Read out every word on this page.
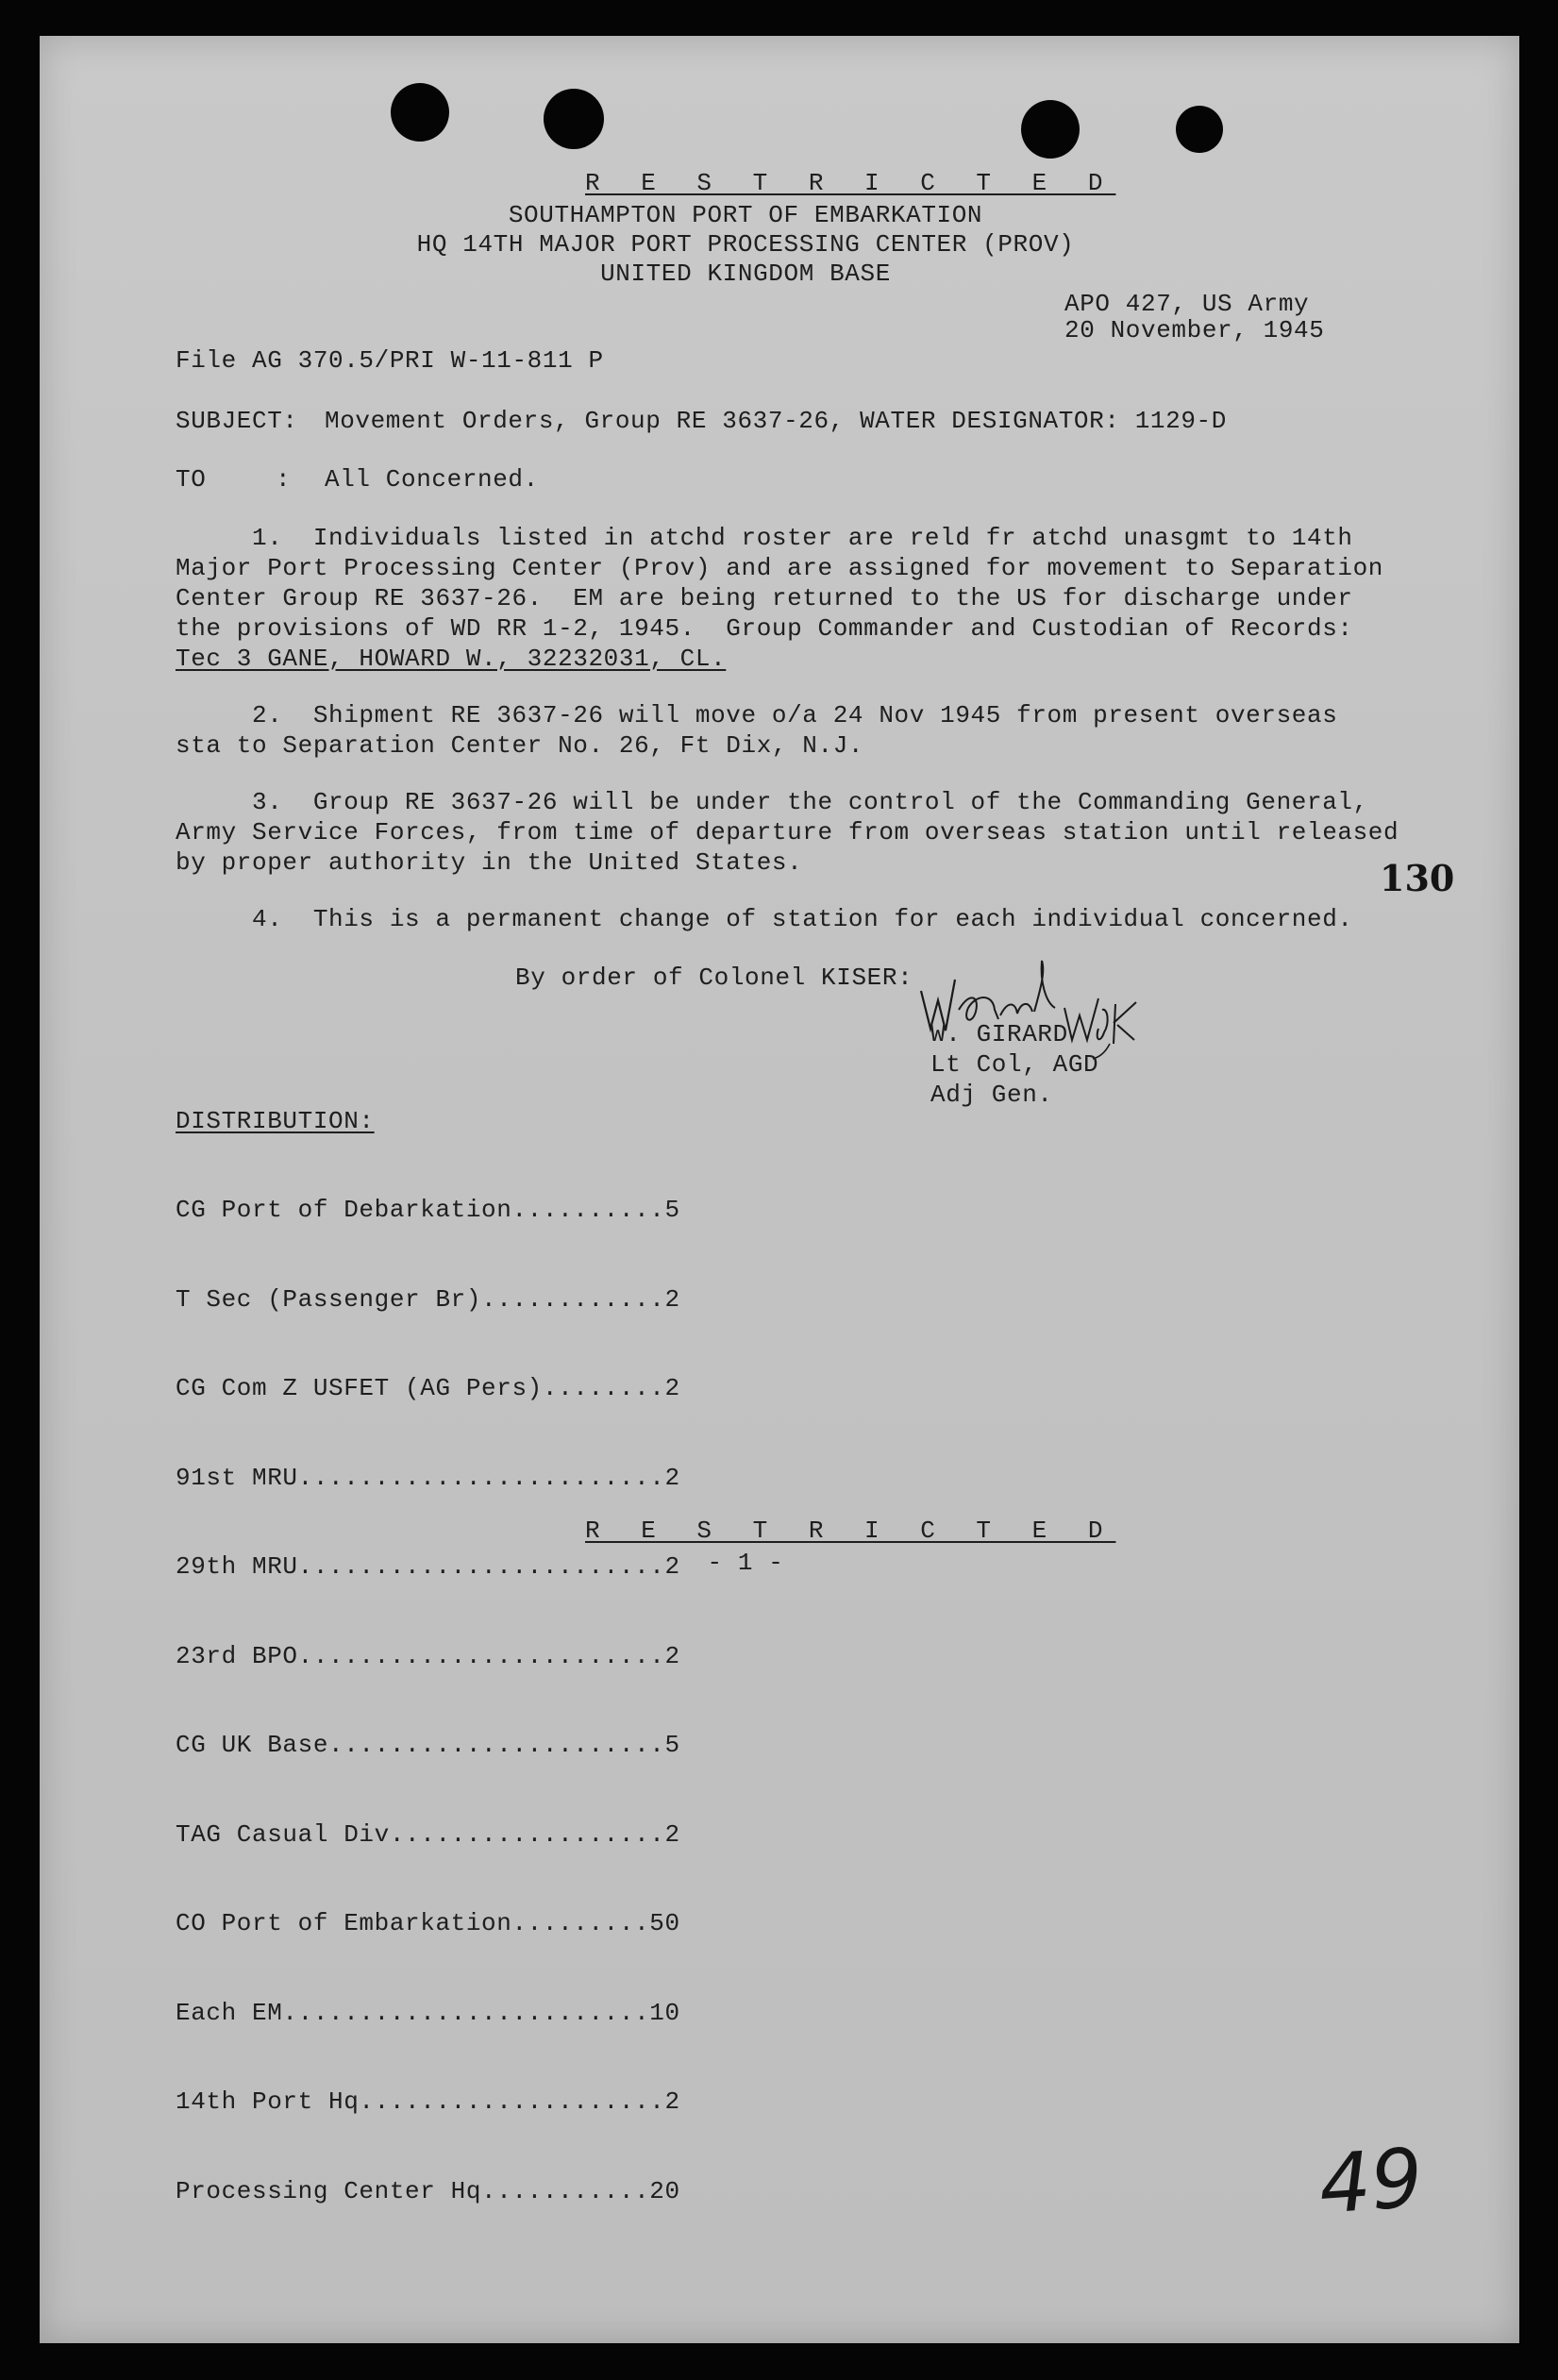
R E S T R I C T E D
SOUTHAMPTON PORT OF EMBARKATION
HQ 14TH MAJOR PORT PROCESSING CENTER (PROV)
UNITED KINGDOM BASE
APO 427, US Army
20 November, 1945
File AG 370.5/PRI W-11-811 P
SUBJECT: Movement Orders, Group RE 3637-26, WATER DESIGNATOR: 1129-D
TO	: All Concerned.
1.  Individuals listed in atchd roster are reld fr atchd unasgmt to 14th
Major Port Processing Center (Prov) and are assigned for movement to Separation
Center Group RE 3637-26.  EM are being returned to the US for discharge under
the provisions of WD RR 1-2, 1945.  Group Commander and Custodian of Records:
Tec 3 GANE, HOWARD W., 32232031, CL.
2.  Shipment RE 3637-26 will move o/a 24 Nov 1945 from present overseas
sta to Separation Center No. 26, Ft Dix, N.J.
3.  Group RE 3637-26 will be under the control of the Commanding General,
Army Service Forces, from time of departure from overseas station until released
by proper authority in the United States.	130
4.  This is a permanent change of station for each individual concerned.
By order of Colonel KISER:
W. GIRARD
Lt Col, AGD
Adj Gen.
DISTRIBUTION:

CG Port of Debarkation..........5

T Sec (Passenger Br)............2

CG Com Z USFET (AG Pers)........2

91st MRU........................2

29th MRU........................2

23rd BPO........................2

CG UK Base......................5

TAG Casual Div..................2

CO Port of Embarkation.........50

Each EM........................10

14th Port Hq....................2

Processing Center Hq...........20

R E S T R I C T E D
- 1 -
49
